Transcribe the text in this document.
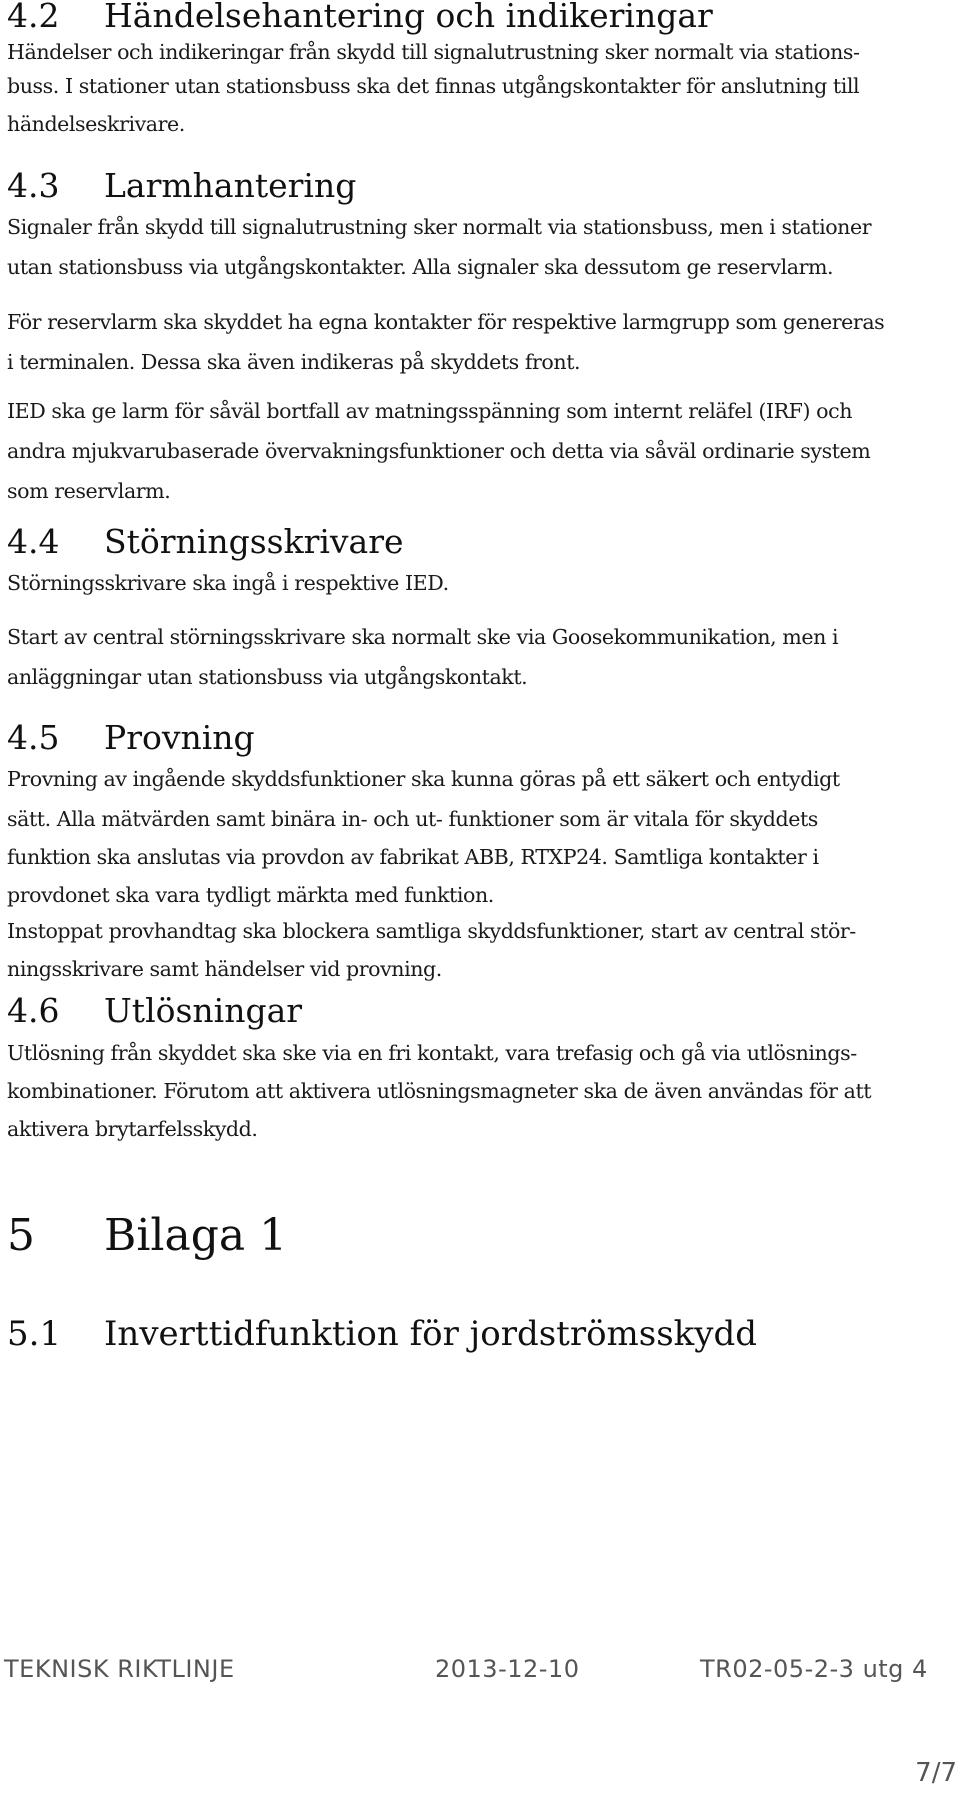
4.2	Händelsehantering och indikeringar

Händelser och indikeringar från skydd till signalutrustning sker normalt via stations-

buss. I stationer utan stationsbuss ska det finnas utgångskontakter för anslutning till

händelseskrivare.

4.3	Larmhantering

Signaler från skydd till signalutrustning sker normalt via stationsbuss, men i stationer

utan stationsbuss via utgångskontakter. Alla signaler ska dessutom ge reservlarm.

För reservlarm ska skyddet ha egna kontakter för respektive larmgrupp som genereras

i terminalen. Dessa ska även indikeras på skyddets front.

IED ska ge larm för såväl bortfall av matningsspänning som internt reläfel (IRF) och

andra mjukvarubaserade övervakningsfunktioner och detta via såväl ordinarie system

som reservlarm.

4.4	Störningsskrivare

Störningsskrivare ska ingå i respektive IED.

Start av central störningsskrivare ska normalt ske via Goosekommunikation, men i

anläggningar utan stationsbuss via utgångskontakt.

4.5	Provning

Provning av ingående skyddsfunktioner ska kunna göras på ett säkert och entydigt

sätt. Alla mätvärden samt binära in- och ut- funktioner som är vitala för skyddets

funktion ska anslutas via provdon av fabrikat ABB, RTXP24. Samtliga kontakter i

provdonet ska vara tydligt märkta med funktion.

Instoppat provhandtag ska blockera samtliga skyddsfunktioner, start av central stör-

ningsskrivare samt händelser vid provning.

4.6	Utlösningar

Utlösning från skyddet ska ske via en fri kontakt, vara trefasig och gå via utlösnings-

kombinationer. Förutom att aktivera utlösningsmagneter ska de även användas för att

aktivera brytarfelsskydd.

5	Bilaga 1
5.1	Inverttidfunktion för jordströmsskydd
TEKNISK RIKTLINJE	2013-12-10	TR02-05-2-3 utg 4
7/7
